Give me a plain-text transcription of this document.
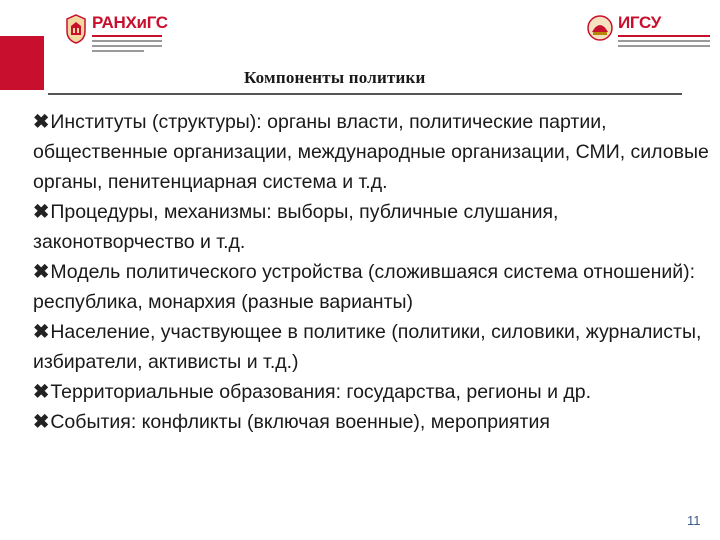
РАНХиГС	ИГСУ
Компоненты политики

✖Институты (структуры): органы власти, политические партии, общественные организации, международные организации, СМИ, силовые органы, пенитенциарная система и т.д.

✖Процедуры, механизмы: выборы, публичные слушания, законотворчество и т.д.

✖Модель политического устройства (сложившаяся система отношений): республика, монархия (разные варианты)

✖Население, участвующее в политике (политики, силовики, журналисты, избиратели, активисты и т.д.)

✖Территориальные образования: государства, регионы и др.

✖События: конфликты (включая военные), мероприятия

11
